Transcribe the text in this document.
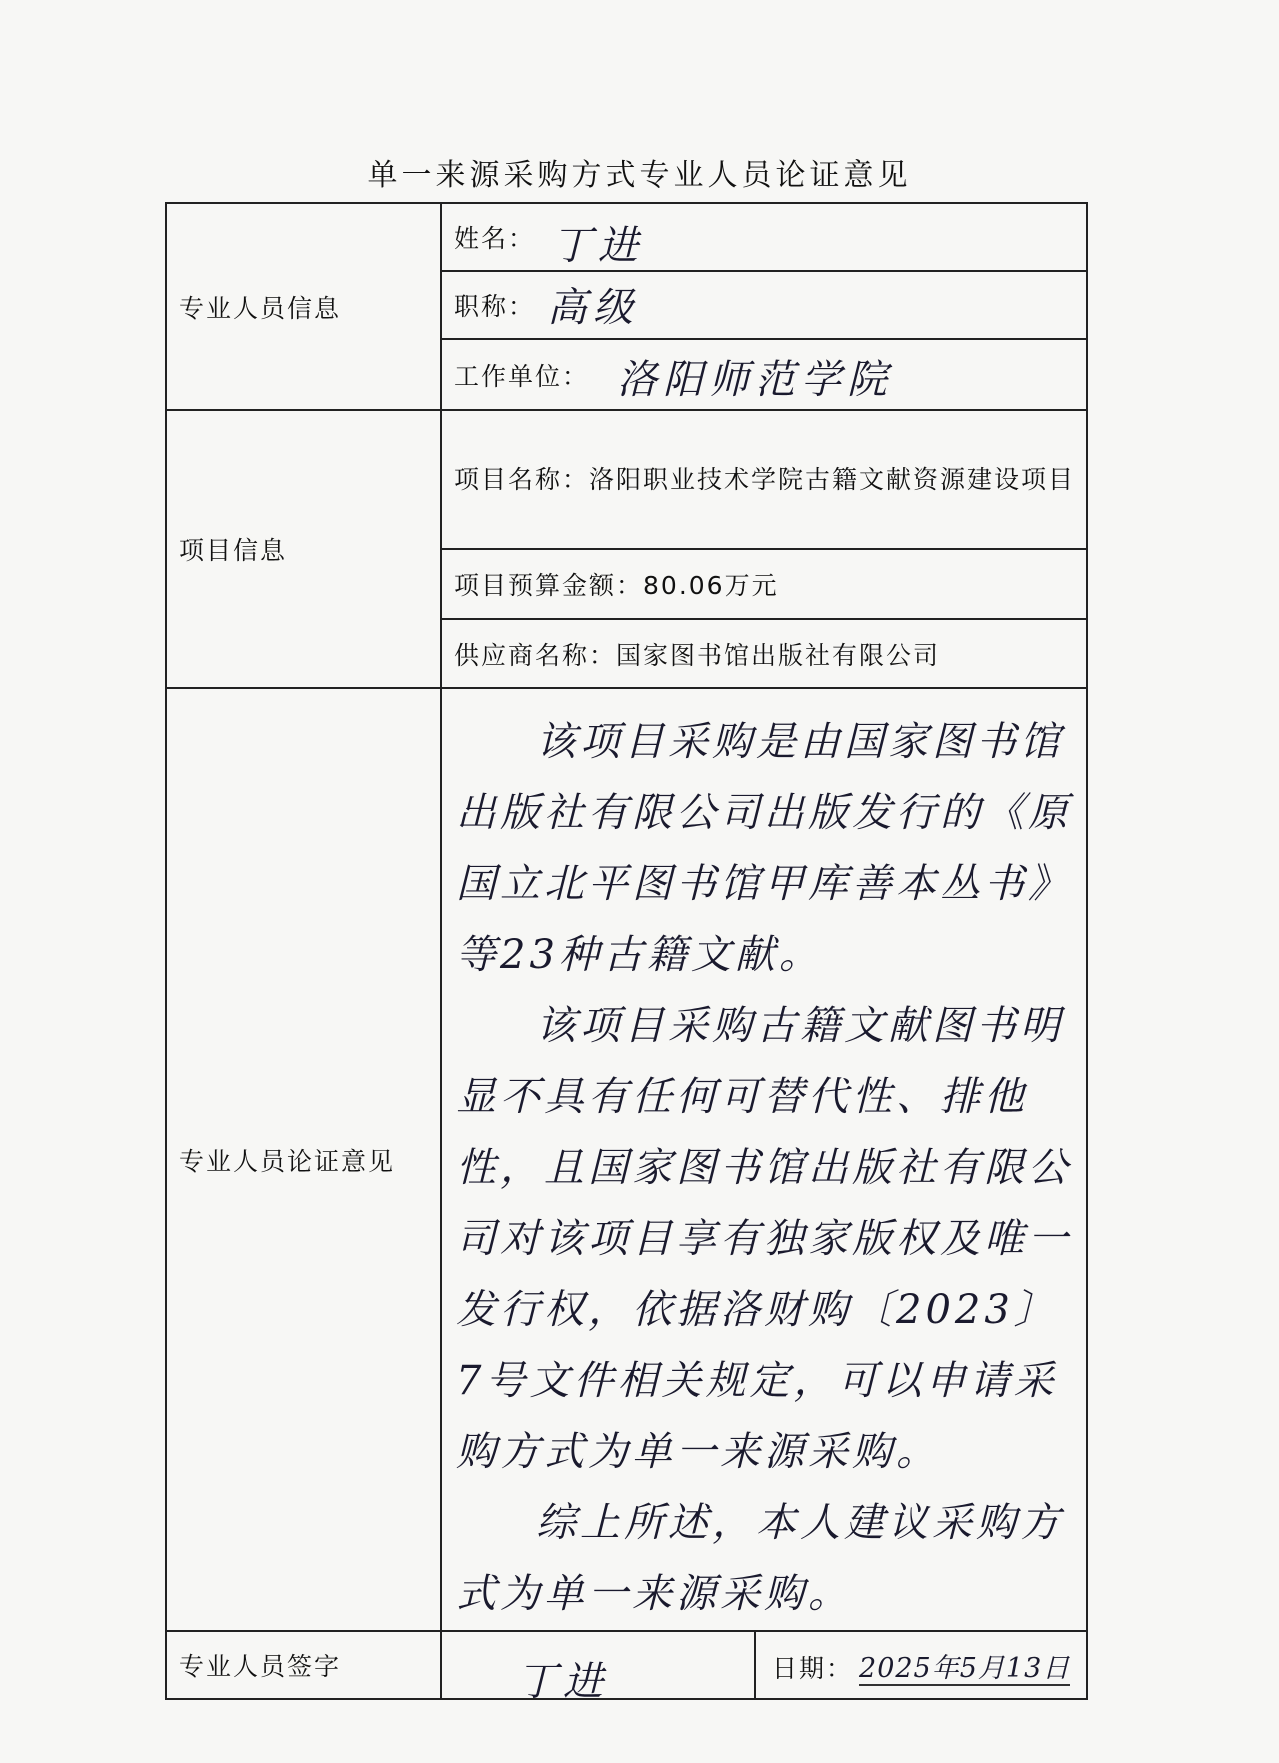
单一来源采购方式专业人员论证意见
专业人员信息	姓名： 丁进

职称： 高级

工作单位： 洛阳师范学院

项目信息	项目名称：洛阳职业技术学院古籍文献资源建设项目
项目预算金额：80.06万元
供应商名称：国家图书馆出版社有限公司
专业人员论证意见	

该项目采购是由国家图书馆出版社有限公司出版发行的《原国立北平图书馆甲库善本丛书》等23种古籍文献。

该项目采购古籍文献图书明显不具有任何可替代性、排他性，且国家图书馆出版社有限公司对该项目享有独家版权及唯一发行权，依据洛财购〔2023〕7号文件相关规定，可以申请采购方式为单一来源采购。

综上所述，本人建议采购方式为单一来源采购。

专业人员签字		丁进	日期： 2025年5月13日
